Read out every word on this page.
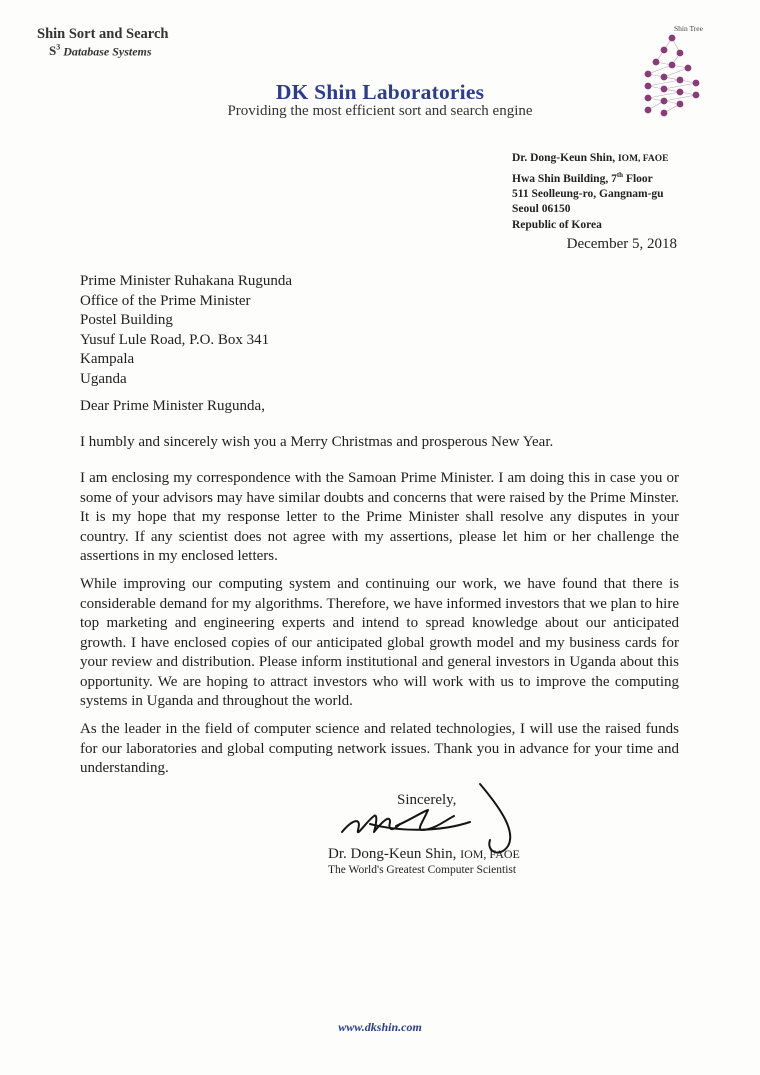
Shin Sort and Search
$S^3$ Database Systems
Shin Tree
DK Shin Laboratories
Providing the most efficient sort and search engine
Dr. Dong-Keun Shin, IOM, FAOE
Hwa Shin Building, 7th Floor
511 Seolleung-ro, Gangnam-gu
Seoul 06150
Republic of Korea
December 5, 2018
Prime Minister Ruhakana Rugunda
Office of the Prime Minister
Postel Building
Yusuf Lule Road, P.O. Box 341
Kampala
Uganda
Dear Prime Minister Rugunda,
I humbly and sincerely wish you a Merry Christmas and prosperous New Year.
I am enclosing my correspondence with the Samoan Prime Minister. I am doing this in case you or some of your advisors may have similar doubts and concerns that were raised by the Prime Minster. It is my hope that my response letter to the Prime Minister shall resolve any disputes in your country. If any scientist does not agree with my assertions, please let him or her challenge the assertions in my enclosed letters.
While improving our computing system and continuing our work, we have found that there is considerable demand for my algorithms. Therefore, we have informed investors that we plan to hire top marketing and engineering experts and intend to spread knowledge about our anticipated growth. I have enclosed copies of our anticipated global growth model and my business cards for your review and distribution. Please inform institutional and general investors in Uganda about this opportunity. We are hoping to attract investors who will work with us to improve the computing systems in Uganda and throughout the world.
As the leader in the field of computer science and related technologies, I will use the raised funds for our laboratories and global computing network issues. Thank you in advance for your time and understanding.
Sincerely,
Dr. Dong-Keun Shin, IOM, FAOE
The World's Greatest Computer Scientist
www.dkshin.com
